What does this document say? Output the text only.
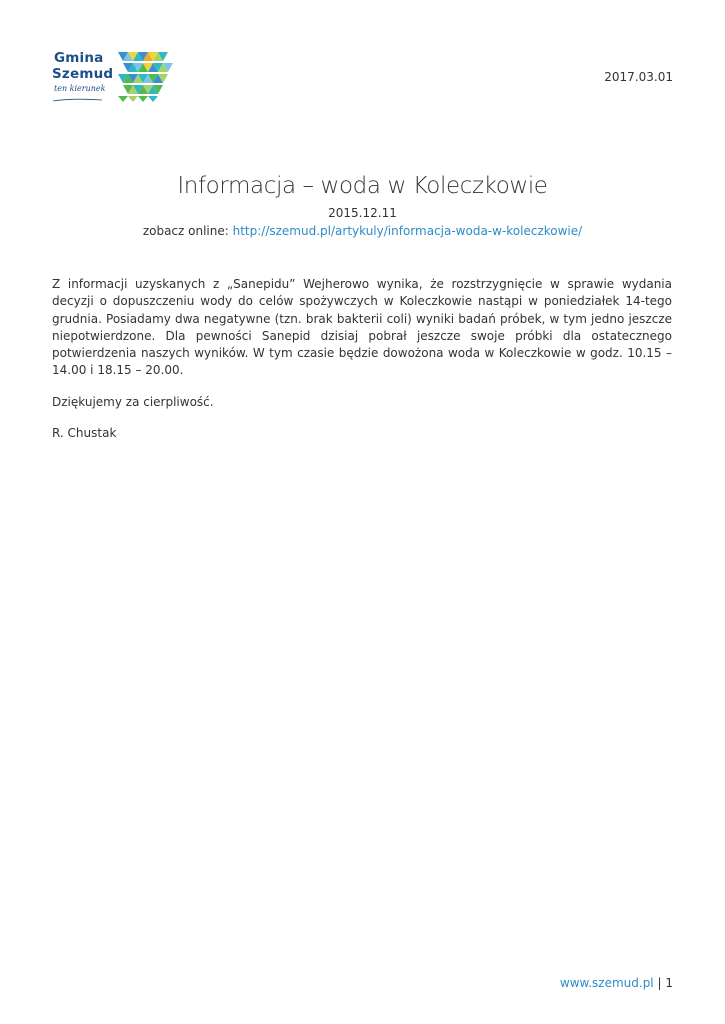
Gmina
Szemud
ten kierunek
2017.03.01
Informacja – woda w Koleczkowie
2015.12.11
zobacz online: http://szemud.pl/artykuly/informacja-woda-w-koleczkowie/

Z informacji uzyskanych z „Sanepidu” Wejherowo wynika, że rozstrzygnięcie w sprawie wydania decyzji o dopuszczeniu wody do celów spożywczych w Koleczkowie nastąpi w poniedziałek 14-tego grudnia. Posiadamy dwa negatywne (tzn. brak bakterii coli) wyniki badań próbek, w tym jedno jeszcze niepotwierdzone. Dla pewności Sanepid dzisiaj pobrał jeszcze swoje próbki dla ostatecznego potwierdzenia naszych wyników. W tym czasie będzie dowożona woda w Koleczkowie w godz. 10.15 – 14.00 i 18.15 – 20.00.

Dziękujemy za cierpliwość.

R. Chustak

www.szemud.pl | 1
